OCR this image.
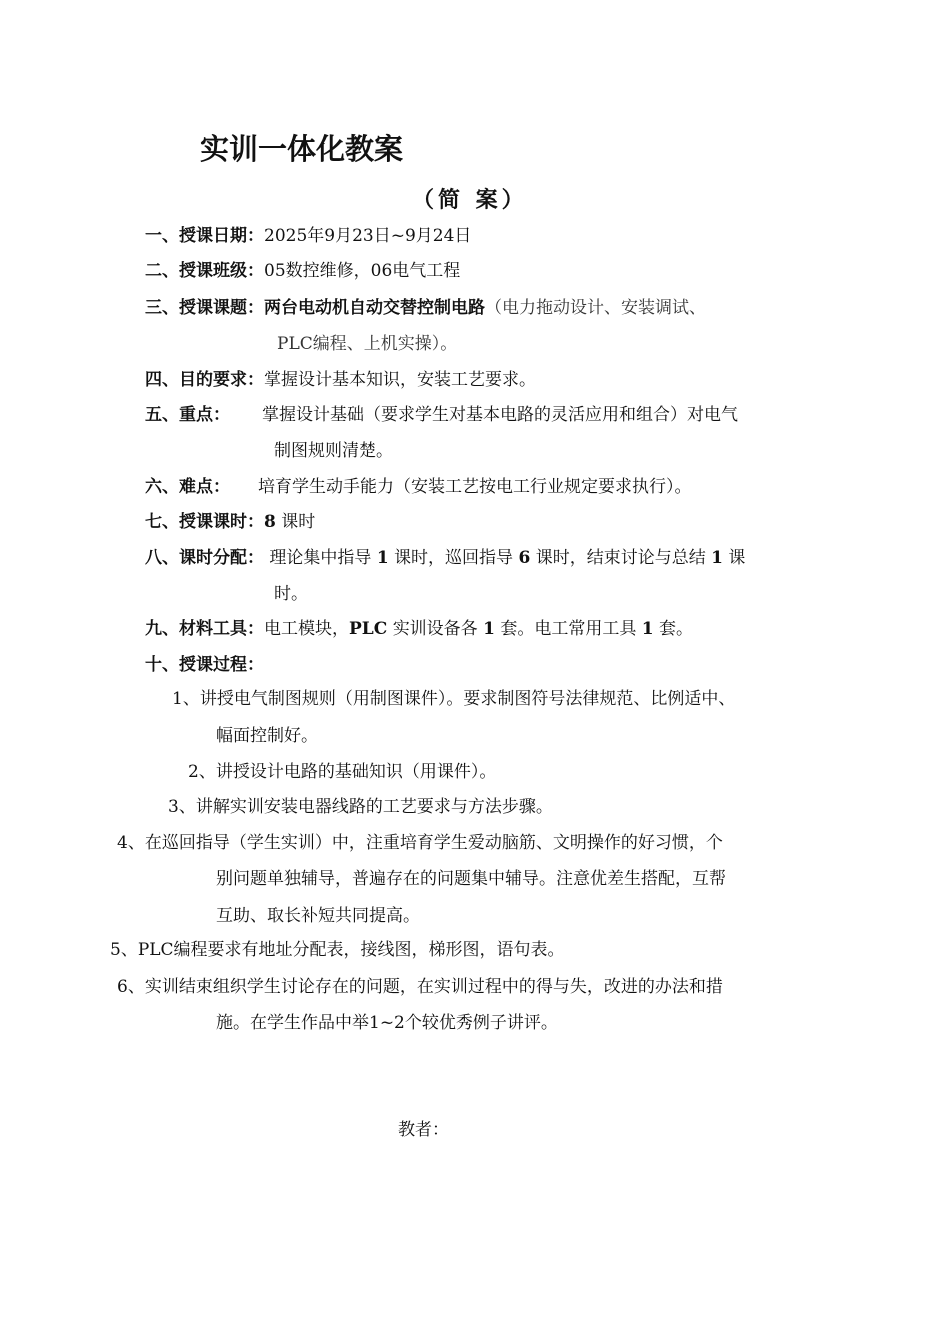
实训一体化教案
（简 案）
一、授课日期：2025年9月23日~9月24日
二、授课班级：05数控维修，06电气工程
三、授课课题：两台电动机自动交替控制电路（电力拖动设计、安装调试、
PLC编程、上机实操）。
四、目的要求：掌握设计基本知识，安装工艺要求。
五、重点： 掌握设计基础（要求学生对基本电路的灵活应用和组合）对电气
制图规则清楚。
六、难点： 培育学生动手能力（安装工艺按电工行业规定要求执行）。
七、授课课时：8 课时
八、课时分配： 理论集中指导 1 课时，巡回指导 6 课时，结束讨论与总结 1 课
时。
九、材料工具：电工模块，PLC 实训设备各 1 套。电工常用工具 1 套。
十、授课过程：
1、讲授电气制图规则（用制图课件）。要求制图符号法律规范、比例适中、
幅面控制好。
2、讲授设计电路的基础知识（用课件）。
3、讲解实训安装电器线路的工艺要求与方法步骤。
4、在巡回指导（学生实训）中，注重培育学生爱动脑筋、文明操作的好习惯，个
别问题单独辅导，普遍存在的问题集中辅导。注意优差生搭配，互帮
互助、取长补短共同提高。
5、PLC编程要求有地址分配表，接线图，梯形图，语句表。
6、实训结束组织学生讨论存在的问题，在实训过程中的得与失，改进的办法和措
施。在学生作品中举1~2个较优秀例子讲评。
教者：
